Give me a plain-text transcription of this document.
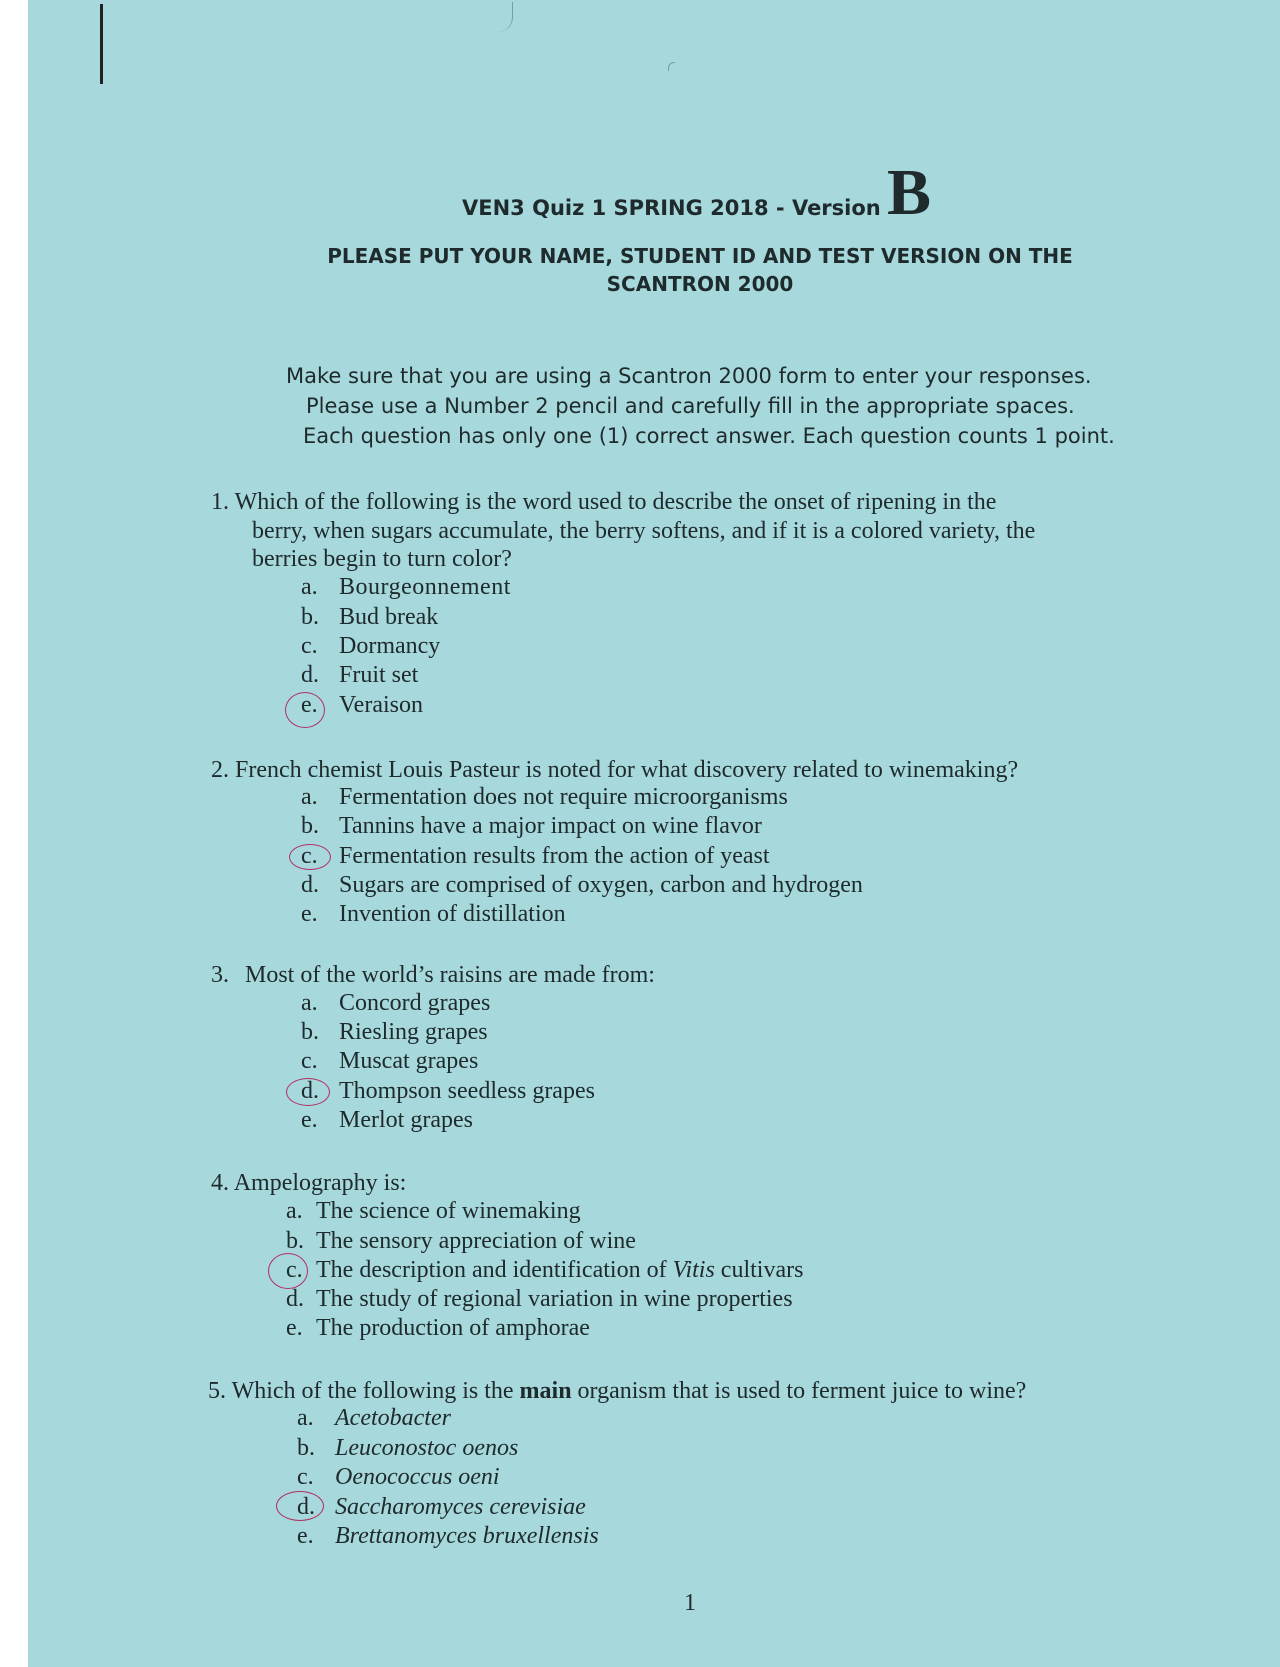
VEN3 Quiz 1 SPRING 2018 - Version B
PLEASE PUT YOUR NAME, STUDENT ID AND TEST VERSION ON THE
SCANTRON 2000
Make sure that you are using a Scantron 2000 form to enter your responses.
Please use a Number 2 pencil and carefully fill in the appropriate spaces.
Each question has only one (1) correct answer. Each question counts 1 point.
1. Which of the following is the word used to describe the onset of ripening in the
berry, when sugars accumulate, the berry softens, and if it is a colored variety, the
berries begin to turn color?
a. Bourgeonnement
b. Bud break
c. Dormancy
d. Fruit set
e. Veraison
2. French chemist Louis Pasteur is noted for what discovery related to winemaking?
a. Fermentation does not require microorganisms
b. Tannins have a major impact on wine flavor
c. Fermentation results from the action of yeast
d. Sugars are comprised of oxygen, carbon and hydrogen
e. Invention of distillation
3. Most of the world’s raisins are made from:
a. Concord grapes
b. Riesling grapes
c. Muscat grapes
d. Thompson seedless grapes
e. Merlot grapes
4. Ampelography is:
a. The science of winemaking
b. The sensory appreciation of wine
c. The description and identification of Vitis cultivars
d. The study of regional variation in wine properties
e. The production of amphorae
5. Which of the following is the main organism that is used to ferment juice to wine?
a. Acetobacter
b. Leuconostoc oenos
c. Oenococcus oeni
d. Saccharomyces cerevisiae
e. Brettanomyces bruxellensis
1
